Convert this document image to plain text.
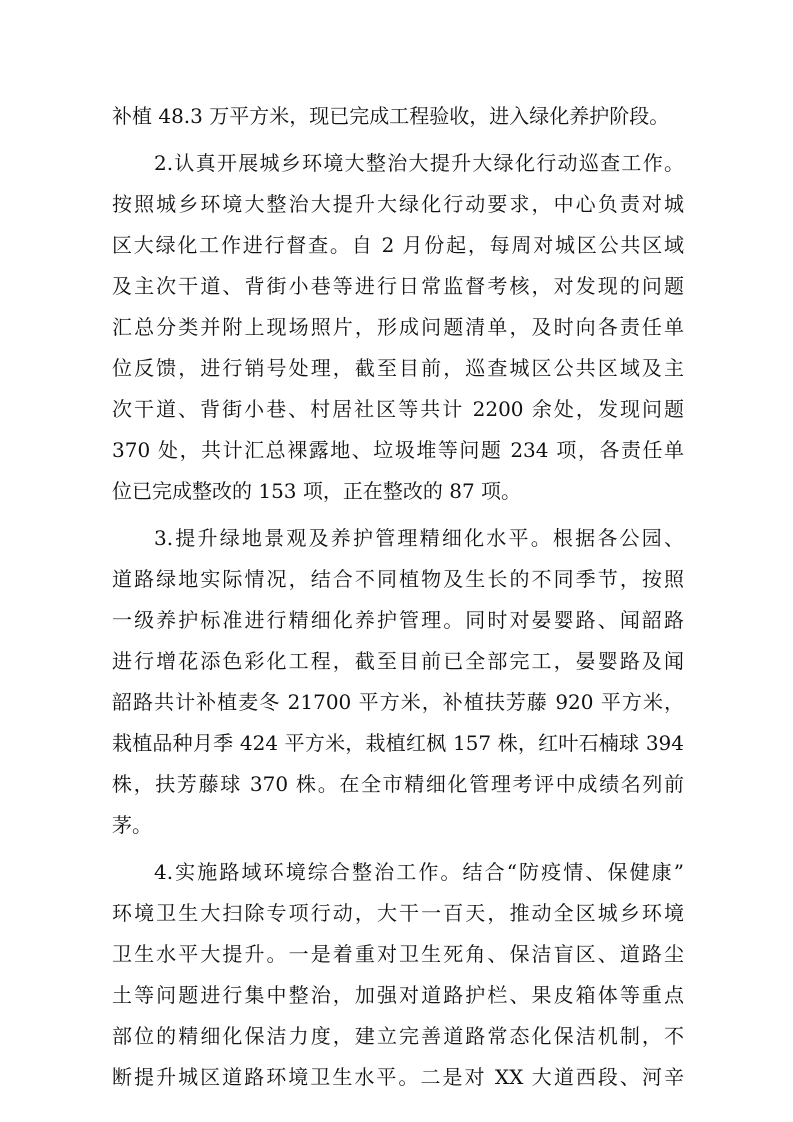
补植 48.3 万平方米，现已完成工程验收，进入绿化养护阶段。
2.认真开展城乡环境大整治大提升大绿化行动巡查工作。
按照城乡环境大整治大提升大绿化行动要求，中心负责对城
区大绿化工作进行督查。自 2 月份起，每周对城区公共区域
及主次干道、背街小巷等进行日常监督考核，对发现的问题
汇总分类并附上现场照片，形成问题清单，及时向各责任单
位反馈，进行销号处理，截至目前，巡查城区公共区域及主
次干道、背街小巷、村居社区等共计 2200 余处，发现问题
370 处，共计汇总裸露地、垃圾堆等问题 234 项，各责任单
位已完成整改的 153 项，正在整改的 87 项。
3.提升绿地景观及养护管理精细化水平。根据各公园、
道路绿地实际情况，结合不同植物及生长的不同季节，按照
一级养护标准进行精细化养护管理。同时对晏婴路、闻韶路
进行增花添色彩化工程，截至目前已全部完工，晏婴路及闻
韶路共计补植麦冬 21700 平方米，补植扶芳藤 920 平方米，
栽植品种月季 424 平方米，栽植红枫 157 株，红叶石楠球 394
株，扶芳藤球 370 株。在全市精细化管理考评中成绩名列前
茅。
4.实施路域环境综合整治工作。结合“防疫情、保健康”
环境卫生大扫除专项行动，大干一百天，推动全区城乡环境
卫生水平大提升。一是着重对卫生死角、保洁盲区、道路尘
土等问题进行集中整治，加强对道路护栏、果皮箱体等重点
部位的精细化保洁力度，建立完善道路常态化保洁机制，不
断提升城区道路环境卫生水平。二是对 XX 大道西段、河辛
